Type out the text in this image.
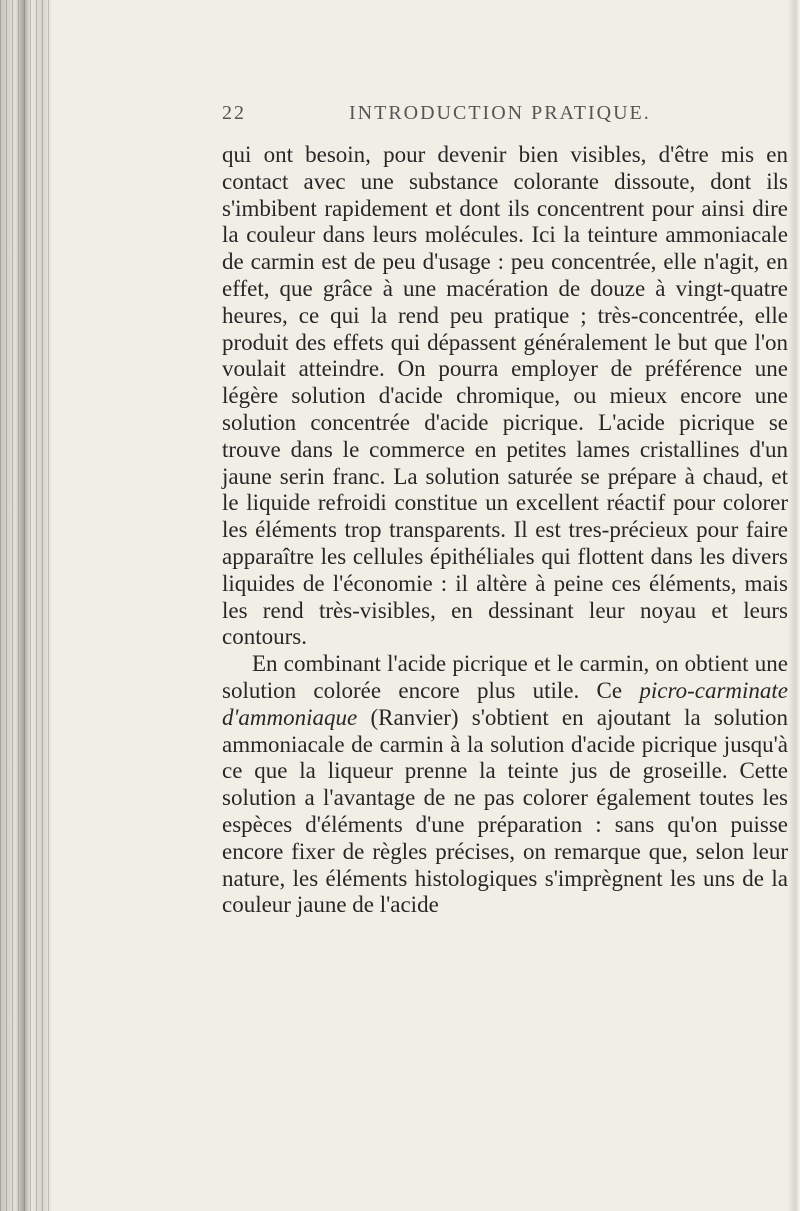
22	INTRODUCTION PRATIQUE.

qui ont besoin, pour devenir bien visibles, d'être mis en contact avec une substance colorante dissoute, dont ils s'imbibent rapidement et dont ils concentrent pour ainsi dire la couleur dans leurs molécules. Ici la teinture ammoniacale de carmin est de peu d'usage : peu concentrée, elle n'agit, en effet, que grâce à une macération de douze à vingt-quatre heures, ce qui la rend peu pratique ; très-concentrée, elle produit des effets qui dépassent généralement le but que l'on voulait atteindre. On pourra employer de préférence une légère solution d'acide chromique, ou mieux encore une solution concentrée d'acide picrique. L'acide picrique se trouve dans le commerce en petites lames cristallines d'un jaune serin franc. La solution saturée se prépare à chaud, et le liquide refroidi constitue un excellent réactif pour colorer les éléments trop transparents. Il est tres-précieux pour faire apparaître les cellules épithéliales qui flottent dans les divers liquides de l'économie : il altère à peine ces éléments, mais les rend très-visibles, en dessinant leur noyau et leurs contours.

En combinant l'acide picrique et le carmin, on obtient une solution colorée encore plus utile. Ce picro-carminate d'ammoniaque (Ranvier) s'obtient en ajoutant la solution ammoniacale de carmin à la solution d'acide picrique jusqu'à ce que la liqueur prenne la teinte jus de groseille. Cette solution a l'avantage de ne pas colorer également toutes les espèces d'éléments d'une préparation : sans qu'on puisse encore fixer de règles précises, on remarque que, selon leur nature, les éléments histologiques s'imprègnent les uns de la couleur jaune de l'acide
